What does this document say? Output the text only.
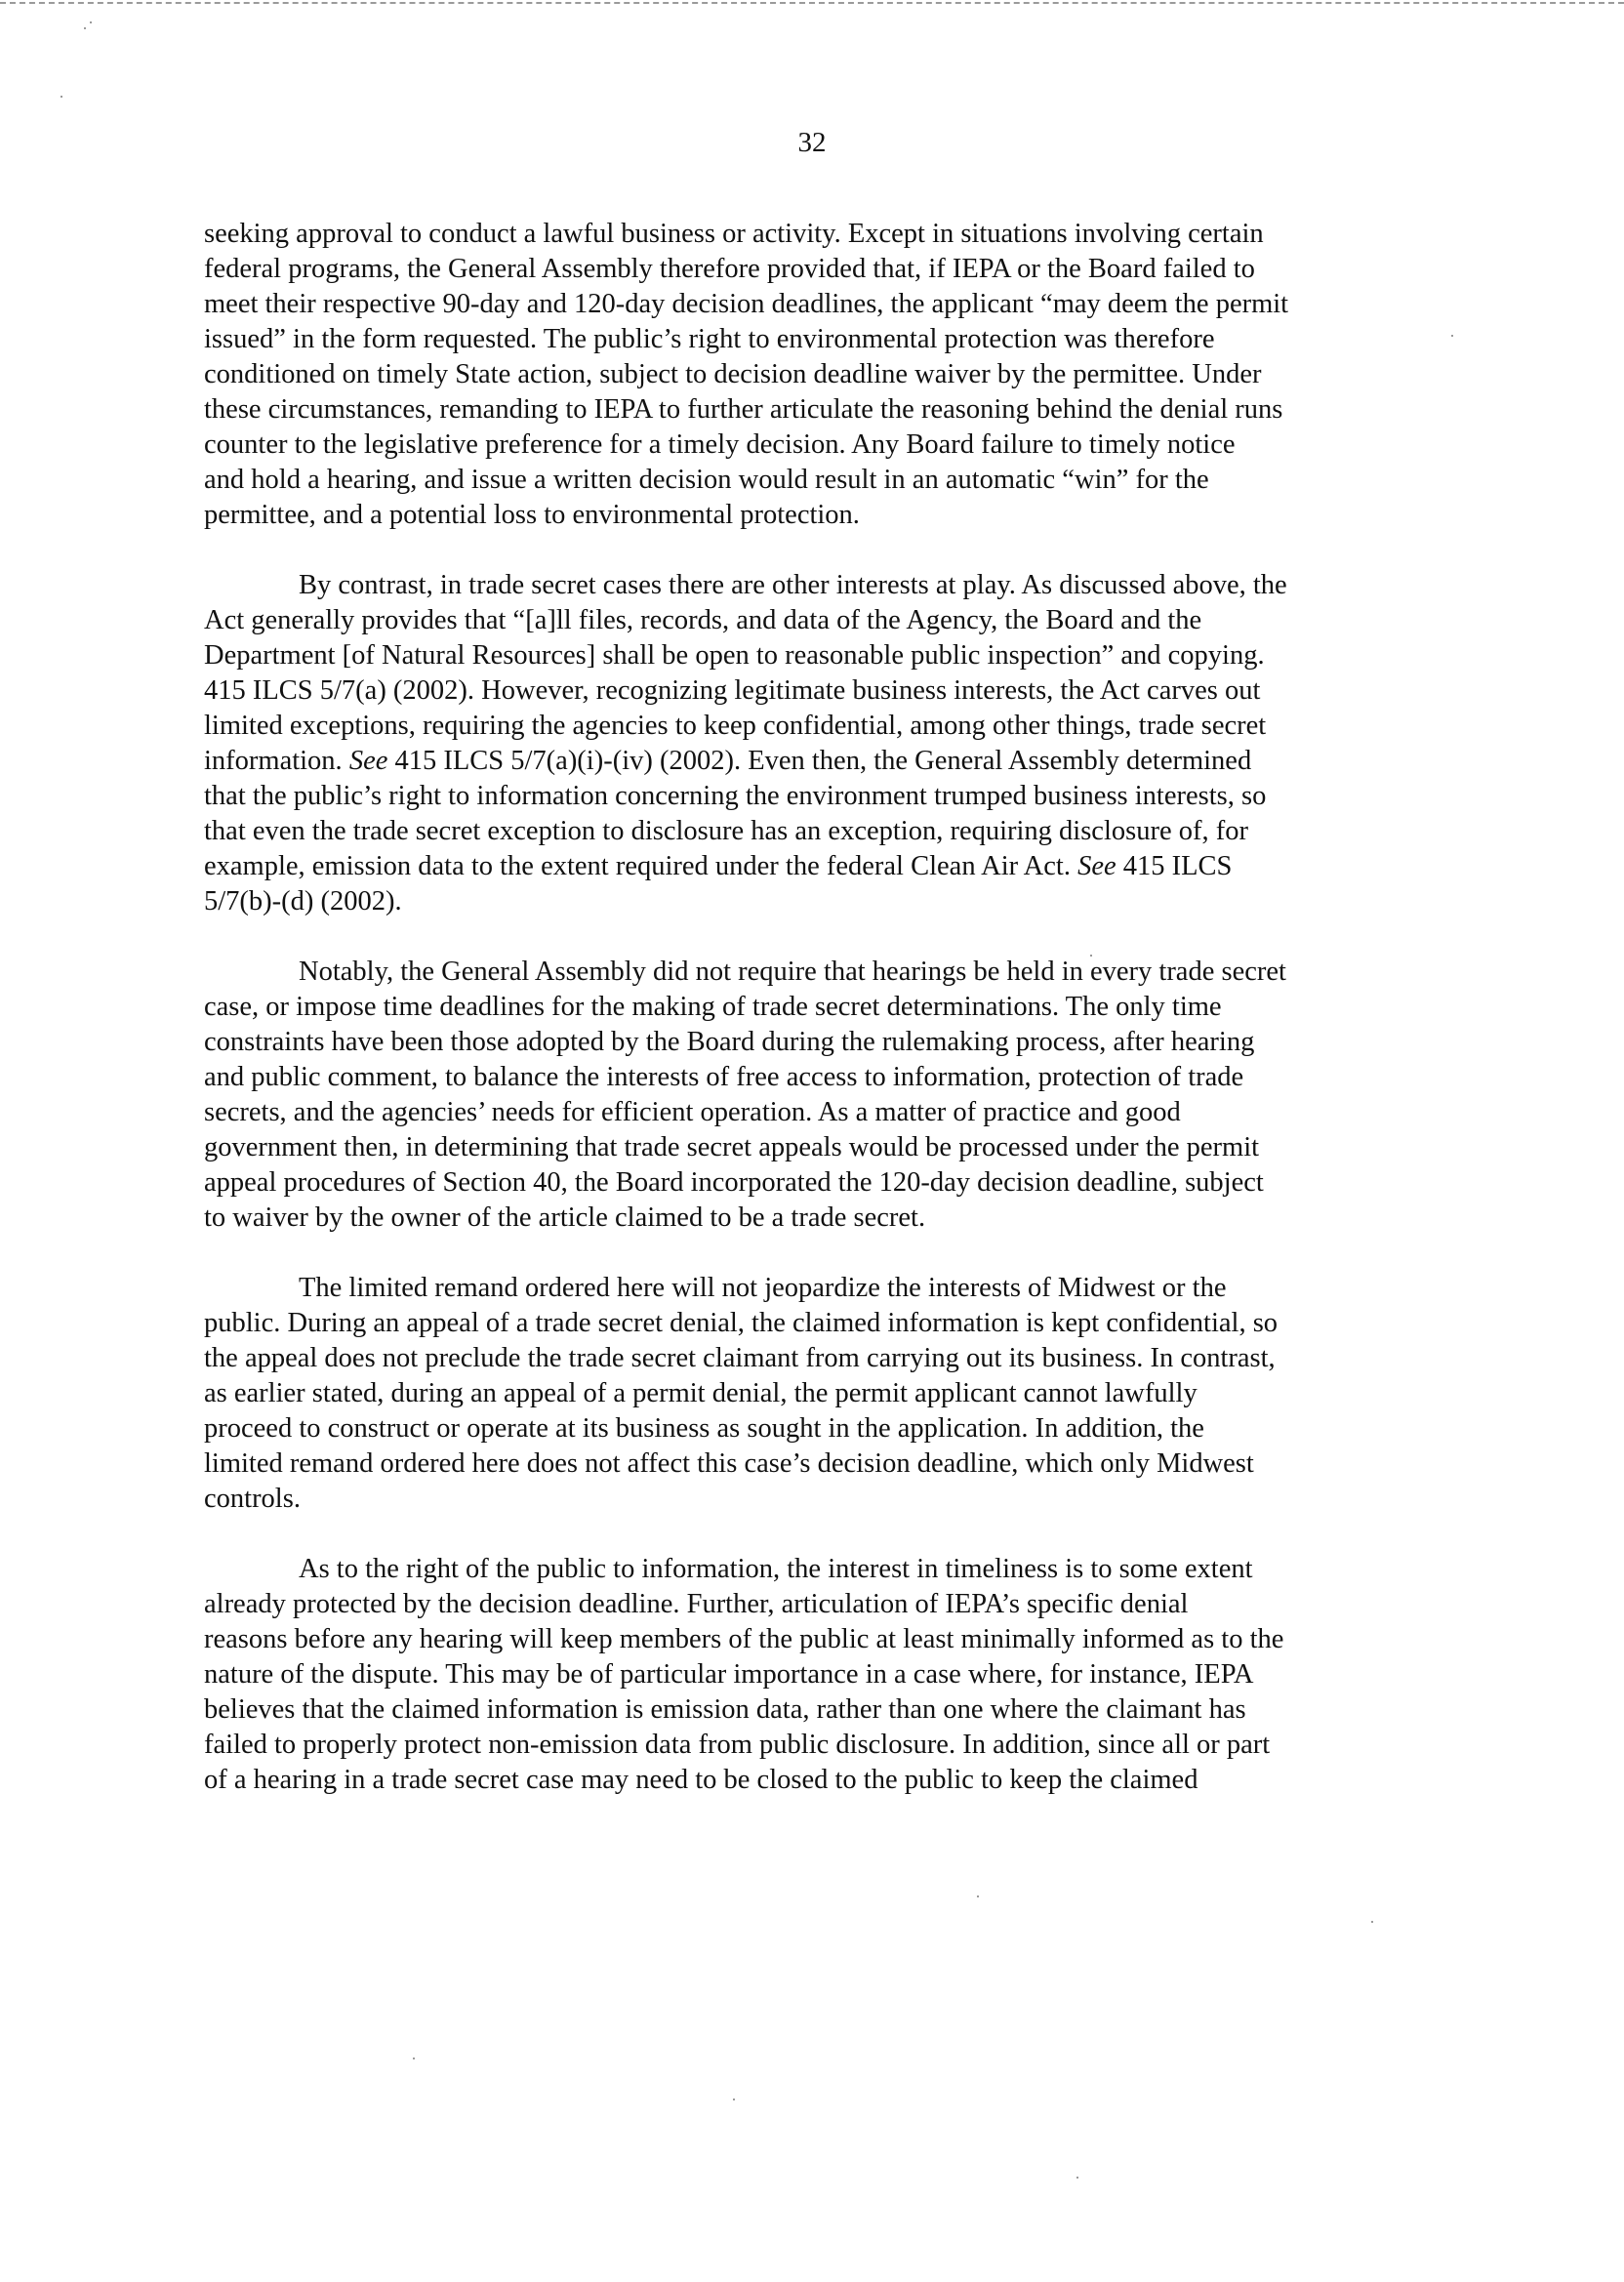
32

seeking approval to conduct a lawful business or activity. Except in situations involving certain
federal programs, the General Assembly therefore provided that, if IEPA or the Board failed to
meet their respective 90-day and 120-day decision deadlines, the applicant “may deem the permit
issued” in the form requested. The public’s right to environmental protection was therefore
conditioned on timely State action, subject to decision deadline waiver by the permittee. Under
these circumstances, remanding to IEPA to further articulate the reasoning behind the denial runs
counter to the legislative preference for a timely decision. Any Board failure to timely notice
and hold a hearing, and issue a written decision would result in an automatic “win” for the
permittee, and a potential loss to environmental protection.

By contrast, in trade secret cases there are other interests at play. As discussed above, the
Act generally provides that “[a]ll files, records, and data of the Agency, the Board and the
Department [of Natural Resources] shall be open to reasonable public inspection” and copying.
415 ILCS 5/7(a) (2002). However, recognizing legitimate business interests, the Act carves out
limited exceptions, requiring the agencies to keep confidential, among other things, trade secret
information. See 415 ILCS 5/7(a)(i)-(iv) (2002). Even then, the General Assembly determined
that the public’s right to information concerning the environment trumped business interests, so
that even the trade secret exception to disclosure has an exception, requiring disclosure of, for
example, emission data to the extent required under the federal Clean Air Act. See 415 ILCS
5/7(b)-(d) (2002).

Notably, the General Assembly did not require that hearings be held in every trade secret
case, or impose time deadlines for the making of trade secret determinations. The only time
constraints have been those adopted by the Board during the rulemaking process, after hearing
and public comment, to balance the interests of free access to information, protection of trade
secrets, and the agencies’ needs for efficient operation. As a matter of practice and good
government then, in determining that trade secret appeals would be processed under the permit
appeal procedures of Section 40, the Board incorporated the 120-day decision deadline, subject
to waiver by the owner of the article claimed to be a trade secret.

The limited remand ordered here will not jeopardize the interests of Midwest or the
public. During an appeal of a trade secret denial, the claimed information is kept confidential, so
the appeal does not preclude the trade secret claimant from carrying out its business. In contrast,
as earlier stated, during an appeal of a permit denial, the permit applicant cannot lawfully
proceed to construct or operate at its business as sought in the application. In addition, the
limited remand ordered here does not affect this case’s decision deadline, which only Midwest
controls.

As to the right of the public to information, the interest in timeliness is to some extent
already protected by the decision deadline. Further, articulation of IEPA’s specific denial
reasons before any hearing will keep members of the public at least minimally informed as to the
nature of the dispute. This may be of particular importance in a case where, for instance, IEPA
believes that the claimed information is emission data, rather than one where the claimant has
failed to properly protect non-emission data from public disclosure. In addition, since all or part
of a hearing in a trade secret case may need to be closed to the public to keep the claimed
